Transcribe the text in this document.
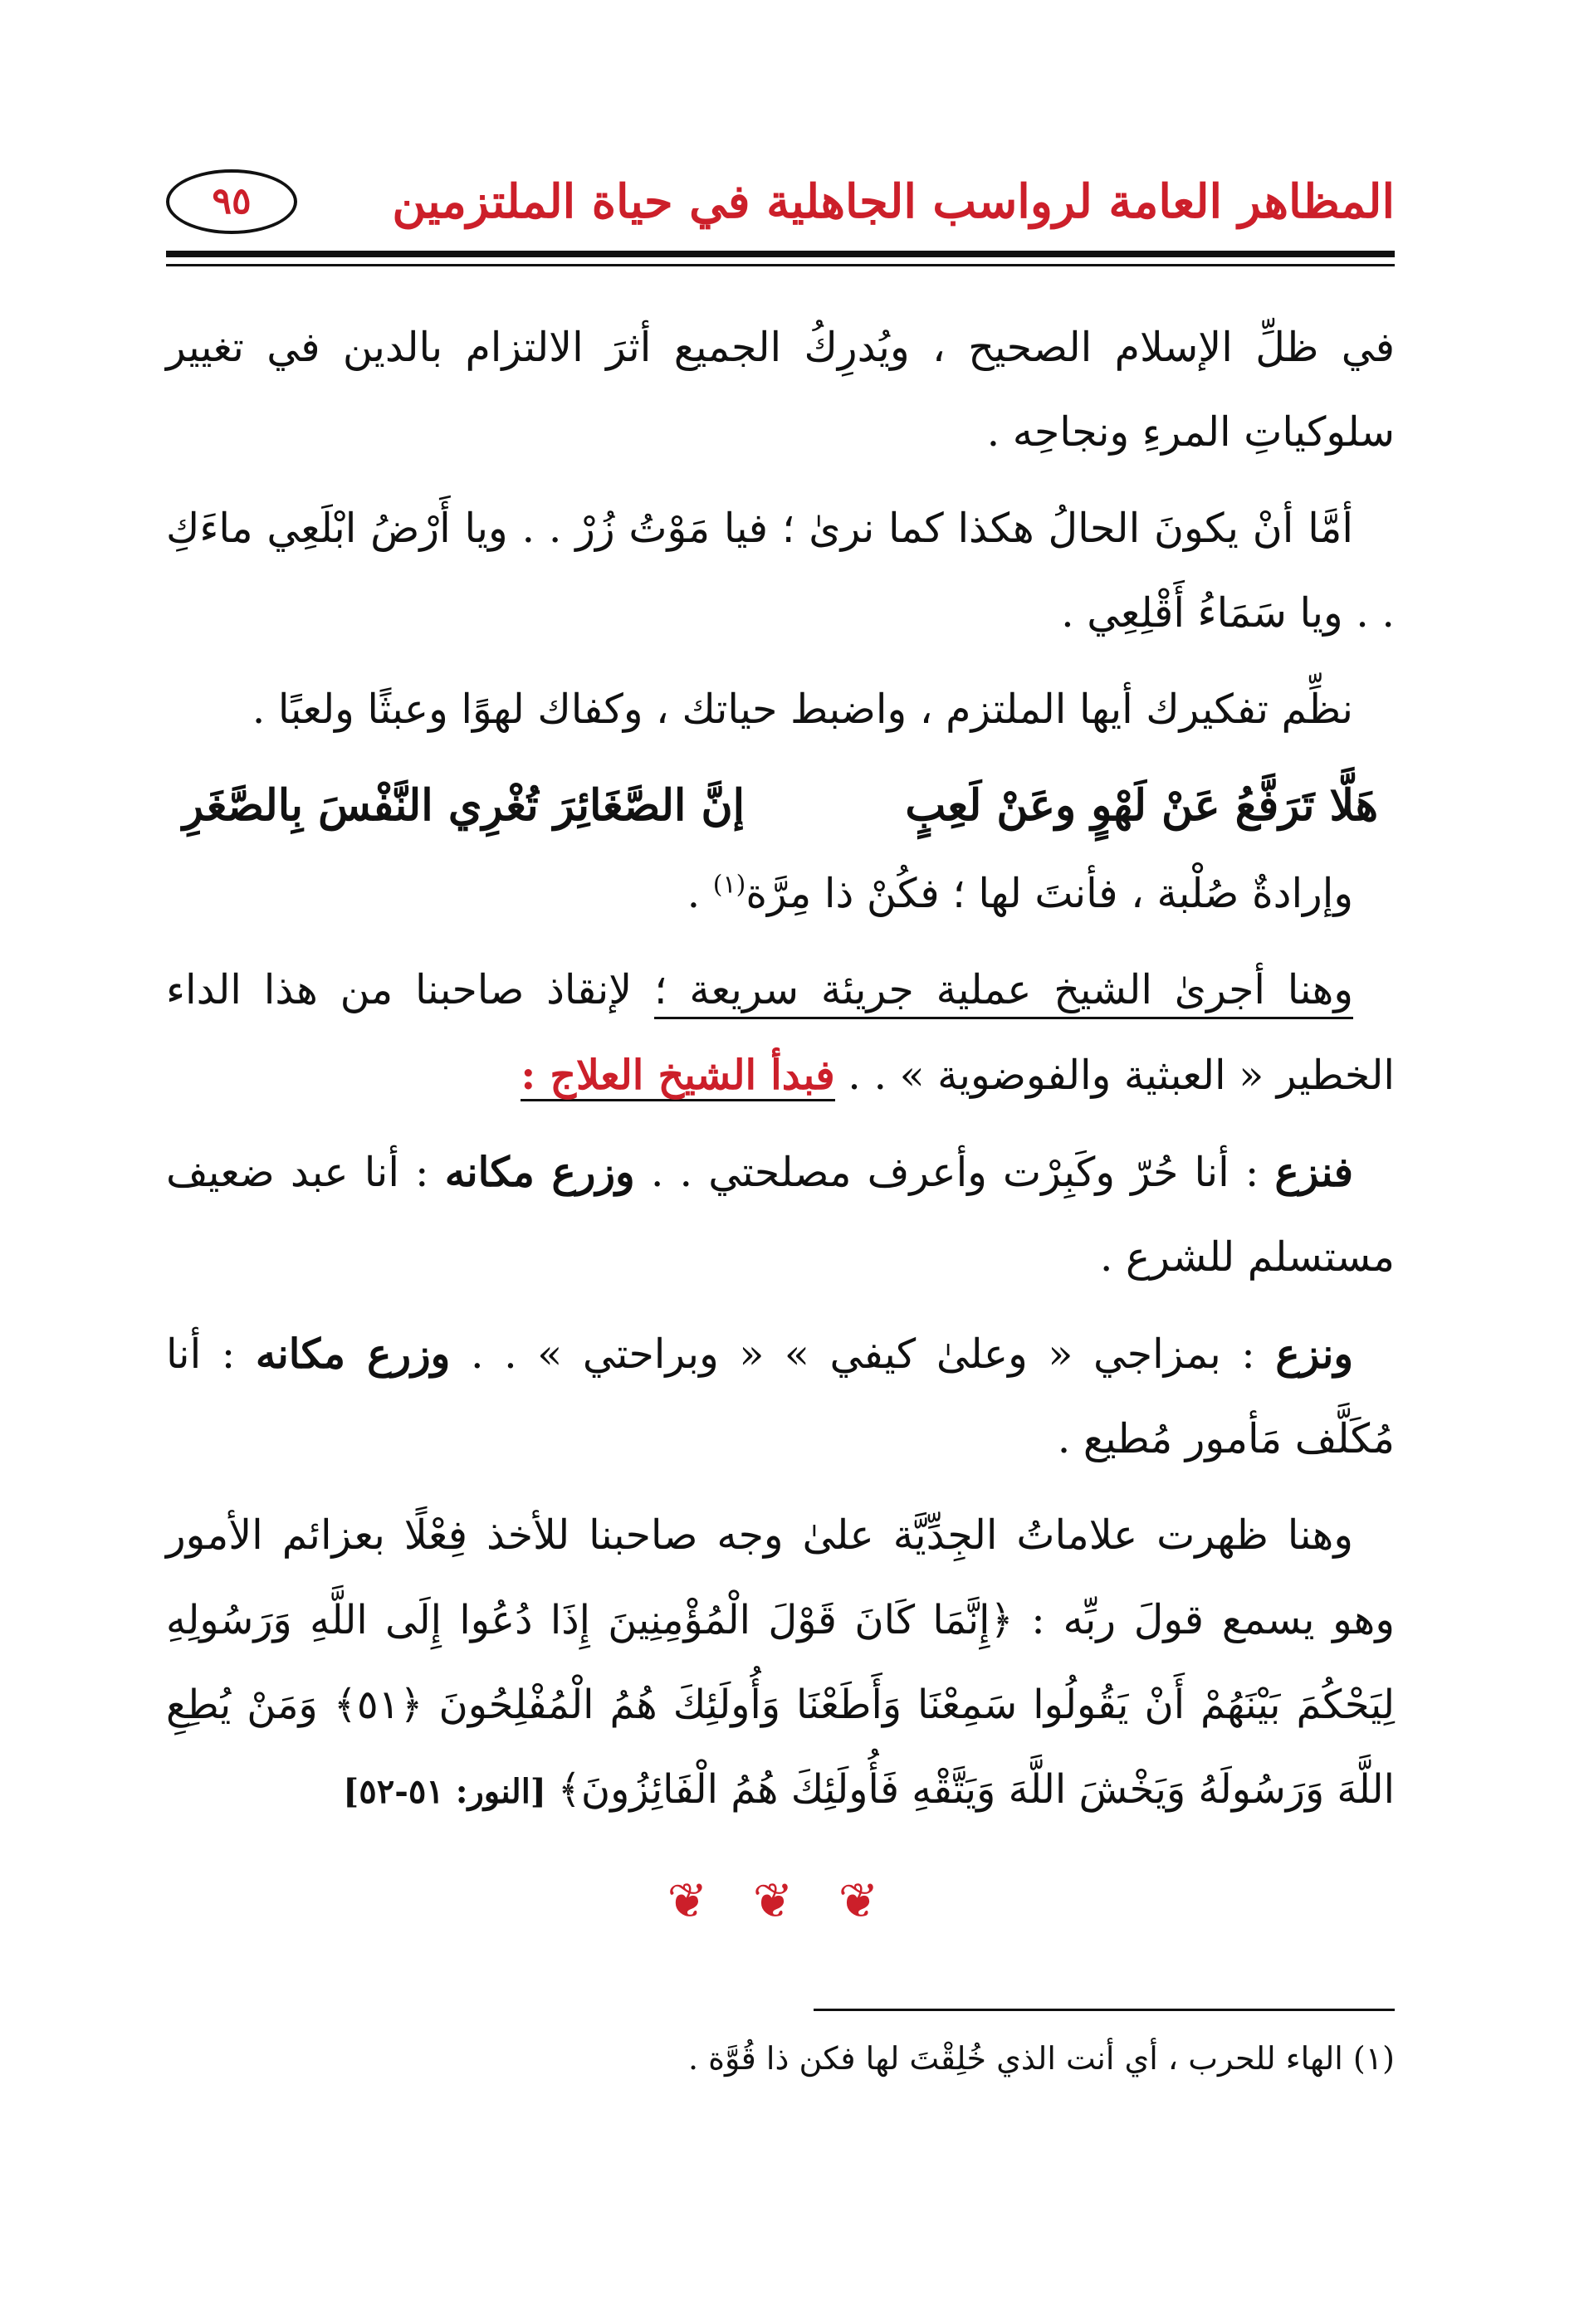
المظاهر العامة لرواسب الجاهلية في حياة الملتزمين
٩٥

في ظلِّ الإسلام الصحيح ، ويُدرِكُ الجميع أثرَ الالتزام بالدين في تغيير سلوكياتِ المرءِ ونجاحِه .

أمَّا أنْ يكونَ الحالُ هكذا كما نرىٰ ؛ فيا مَوْتُ زُرْ . . ويا أَرْضُ ابْلَعِي ماءَكِ . . ويا سَمَاءُ أَقْلِعِي .

نظِّم تفكيرك أيها الملتزم ، واضبط حياتك ، وكفاك لهوًا وعبثًا ولعبًا .

هَلَّا تَرَفَّعُ عَنْ لَهْوٍ وعَنْ لَعِبٍ
إنَّ الصَّغَائِرَ تُغْرِي النَّفْسَ بِالصَّغَرِ

وإرادةٌ صُلْبة ، فأنتَ لها ؛ فكُنْ ذا مِرَّة$^{(١)}$ .

وهنا أجرىٰ الشيخ عملية جريئة سريعة ؛ لإنقاذ صاحبنا من هذا الداء الخطير « العبثية والفوضوية » . . فبدأ الشيخ العلاج :

فنزع : أنا حُرّ وكَبِرْت وأعرف مصلحتي . . وزرع مكانه : أنا عبد ضعيف مستسلم للشرع .

ونزع : بمزاجي « وعلىٰ كيفي » « وبراحتي » . . وزرع مكانه : أنا مُكَلَّف مَأمور مُطيع .

وهنا ظهرت علاماتُ الجِدِّيَّة علىٰ وجه صاحبنا للأخذ فِعْلًا بعزائم الأمور وهو يسمع قولَ ربِّه : ﴿إِنَّمَا كَانَ قَوْلَ الْمُؤْمِنِينَ إِذَا دُعُوا إِلَى اللَّهِ وَرَسُولِهِ لِيَحْكُمَ بَيْنَهُمْ أَنْ يَقُولُوا سَمِعْنَا وَأَطَعْنَا وَأُولَئِكَ هُمُ الْمُفْلِحُونَ ﴿٥١﴾ وَمَنْ يُطِعِ اللَّهَ وَرَسُولَهُ وَيَخْشَ اللَّهَ وَيَتَّقْهِ فَأُولَئِكَ هُمُ الْفَائِزُونَ﴾ [النور: ٥١-٥٢]

❦ ❦ ❦
(١) الهاء للحرب ، أي أنت الذي خُلِقْتَ لها فكن ذا قُوَّة .
